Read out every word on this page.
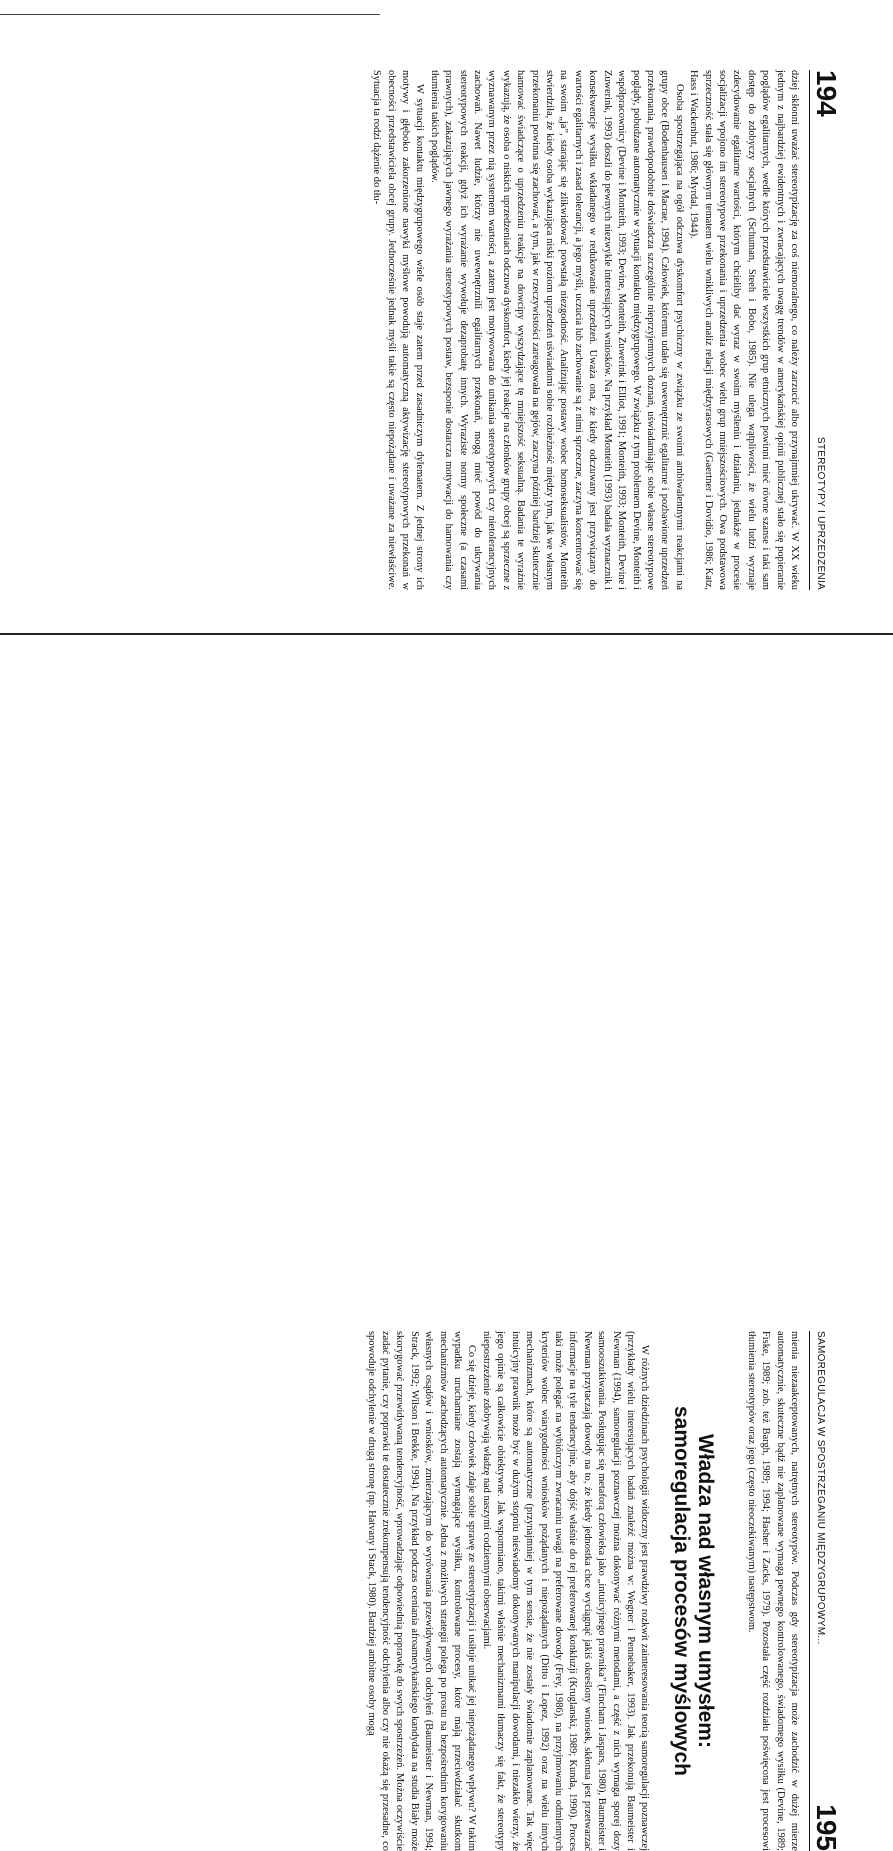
194
STEREOTYPY I UPRZEDZENIA

dziej skłonni uważać stereotypizację za coś niemoralnego, co należy zarzucić albo przynajmniej ukrywać. W XX wieku jednym z najbardziej ewidentnych i zwracających uwagę trendów w amerykańskiej opinii publicznej stało się popieranie poglądów egalitarnych, wedle których przedstawiciele wszystkich grup etnicznych powinni mieć równe szanse i taki sam dostęp do zdobyczy socjalnych (Schuman, Steeh i Bobo, 1985). Nie ulega wątpliwości, że wielu ludzi wyznaje zdecydowanie egalitarne wartości, którym chcieliby dać wyraz w swoim myśleniu i działaniu, jednakże w procesie socjalizacji wpojono im stereotypowe przekonania i uprzedzenia wobec wielu grup mniejszościowych. Owa podstawowa sprzeczność stała się głównym tematem wielu wnikliwych analiz relacji międzyrasowych (Gaertner i Dovidio, 1986; Katz, Hass i Wackenhut, 1986; Myrdal, 1944).

Osoba spostrzegająca na ogół odczuwa dyskomfort psychiczny w związku ze swoimi ambiwalentnymi reakcjami na grupy obce (Bodenhausen i Macrae, 1994). Człowiek, któremu udało się uwewnętrznić egalitarne i pozbawione uprzedzeń przekonania, prawdopodobnie doświadcza szczególnie nieprzyjemnych doznań, uświadamiając sobie własne stereotypowe poglądy, pobudzane automatycznie w sytuacji kontaktu międzygrupowego. W związku z tym problemem Devine, Monteith i współpracownicy (Devine i Monteith, 1993; Devine, Monteith, Zuwerink i Elliot, 1991; Monteith, 1993; Monteith, Devine i Zuwerink, 1993) doszli do pewnych niezwykle interesujących wniosków. Na przykład Monteith (1993) badała wyznacznik i konsekwencje wysiłku wkładanego w redukowanie uprzedzeń. Uważa ona, że kiedy odczuwany jest przywiązany do wartości egalitarnych i zasad tolerancji, a jego myśli, uczucia lub zachowanie są z nimi sprzeczne, zaczyna koncentrować się na swoim „ja”, starając się zlikwidować powstałą niezgodność. Analizując postawy wobec homoseksualistów, Monteith stwierdziła, że kiedy osoba wykazująca niski poziom uprzedzeń uświadomi sobie rozbieżność między tym, jak we własnym przekonaniu powinna się zachować, a tym, jak w rzeczywistości zareagowała na gejów, zaczyna później bardziej skutecznie hamować świadczące o uprzedzeniu reakcje na dowcipy wyszydzające tę mniejszość seksualną. Badania te wyraźnie wykazują, że osoba o niskich uprzedzeniach odczuwa dyskomfort, kiedy jej reakcje na członków grupy obcej są sprzeczne z wyznawanym przez nią systemem wartości, a zatem jest motywowana do unikania stereotypowych czy nietolerancyjnych zachowań. Nawet ludzie, którzy nie uwewnętrznili egalitarnych przekonań, mogą mieć powód do ukrywania stereotypowych reakcji, gdyż ich wyrażanie wywołuje dezaprobatę innych. Wyraziste normy społeczne (a czasami prawnych), zakazujących jawnego wyrażania stereotypowych postaw, bezsponie dostarcza motywacji do hamowania czy tłumienia takich poglądów.

W sytuacji kontaktu międzygrupowego wiele osób staje zatem przed zasadniczym dylematem. Z jednej strony ich motywy i głęboko zakorzenione nawyki myślowe powodują automatyczną aktywizację stereotypowych przekonań w obecności przedstawiciela obcej grupy. Jednocześnie jednak myśli takie są często niepożądane i uważane za niewłaściwe. Sytuacja ta rodzi dążenie do tłu-

SAMOREGULACJA W SPOSTRZEGANIU MIĘDZYGRUPOWYM...
195

mienia niezaakceptowanych, natrętnych stereotypów. Podczas gdy stereotypizacja może zachodzić w dużej mierze automatycznie, skuteczne bądź nie zaplanowane wymaga pewnego kontrolowanego, świadomego wysiłku (Devine, 1989; Fiske, 1989; zob. też Bargh, 1989; 1994; Hasher i Zacks, 1979). Pozostała część rozdziału poświęcona jest procesowi tłumienia stereotypów oraz jego (często nieoczekiwanym) następstwom.

Władza nad własnym umysłem:
samoregulacja procesów myślowych

W różnych dziedzinach psychologii widoczny jest prawdziwy rozkwit zainteresowania teorią samoregulacji poznawczej (przykłady wielu interesujących badań znaleźć można w: Wegner i Pennebaker, 1993). Jak przekonują Baumeister i Newman (1994), samoregulacji poznawczej można dokonywać różnymi metodami, a część z nich wymaga sporej dozy samooszukiwania. Posługując się metaforą człowieka jako „intuicyjnego prawnika” (Fincham i Jaspars, 1980), Baumeister i Newman przytaczają dowody na to, że kiedy jednostka chce wyciągnąć jakiś określony wniosek, skłonna jest przetwarzać informacje na tyle tendencyjnie, aby dojść właśnie do tej preferowanej konkluzji (Kruglanski, 1989; Kunda, 1990). Proces taki może polegać na wybiórczym zwracaniu uwagi na preferowane dowody (Frey, 1986), na przyjmowaniu odmiennych kryteriów wobec wiarygodności wniosków pożądanych i niepożądanych (Ditto i Lopez, 1992) oraz na wielu innych mechanizmach, które są automatyczne (przynajmniej w tym sensie, że nie zostały świadomie zaplanowane. Tak więc intuicyjny prawnik może być w dużym stopniu nieświadomy dokonywanych manipulacji dowodami, i niezakło wierzy, że jego opinie są całkowicie obiektywne. Jak wspomniano, takimi właśnie mechanizmami tłumaczy się fakt, że stereotypy niepostrzeżenie zdobywają władzę nad naszymi codziennymi obserwacjami.

Co się dzieje, kiedy człowiek zdaje sobie sprawę ze stereotypizacji i usiłuje unikać jej niepożądanego wpływu? W takim wypadku uruchamiane zostają wymagające wysiłku, kontrolowane procesy, które mają przeciwdziałać skutkom mechanizmów zachodzących automatycznie. Jedna z możliwych strategii polega po prostu na bezpośrednim korygowaniu własnych osądów i wniosków, zmierzającym do wyrównania przewidywanych odchyleń (Baumeister i Newman, 1994; Strack, 1992; Wilson i Brekke, 1994). Na przykład podczas oceniania afroamerykańskiego kandydata na studia Biały może skorygować przewidywaną tendencyjność, wprowadzając odpowiednią poprawkę do swych spostrzeżeń. Można oczywiście zadać pytanie, czy poprawki te dostatecznie zrekompensują tendencyjność odchylenia albo czy nie okażą się przesadne, co spowoduje odchylenie w drugą stronę (np. Hatvany i Stack, 1980). Bardziej ambitne osoby mogą
